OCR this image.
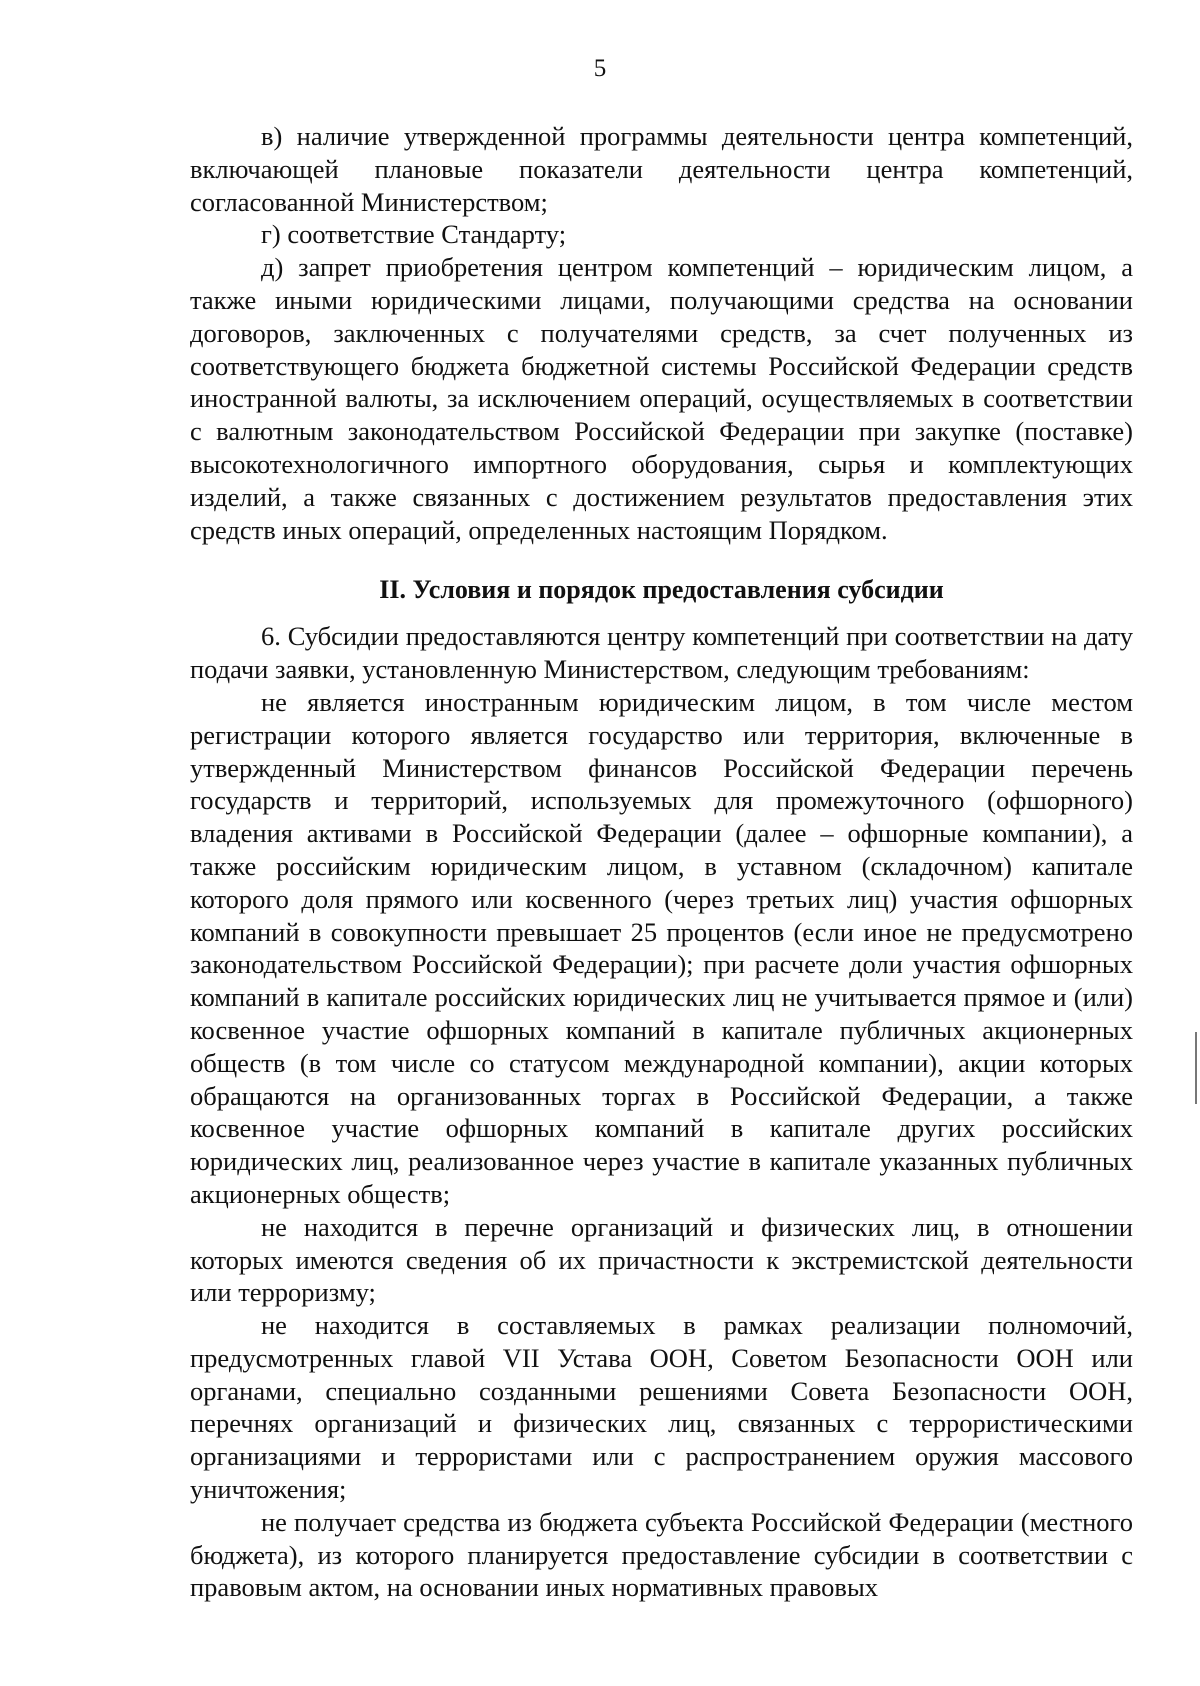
5

в) наличие утвержденной программы деятельности центра компетенций, включающей плановые показатели деятельности центра компетенций, согласованной Министерством;

г) соответствие Стандарту;

д) запрет приобретения центром компетенций – юридическим лицом, а также иными юридическими лицами, получающими средства на основании договоров, заключенных с получателями средств, за счет полученных из соответствующего бюджета бюджетной системы Российской Федерации средств иностранной валюты, за исключением операций, осуществляемых в соответствии с валютным законодательством Российской Федерации при закупке (поставке) высокотехнологичного импортного оборудования, сырья и комплектующих изделий, а также связанных с достижением результатов предоставления этих средств иных операций, определенных настоящим Порядком.

II. Условия и порядок предоставления субсидии

6. Субсидии предоставляются центру компетенций при соответствии на дату подачи заявки, установленную Министерством, следующим требованиям:

не является иностранным юридическим лицом, в том числе местом регистрации которого является государство или территория, включенные в утвержденный Министерством финансов Российской Федерации перечень государств и территорий, используемых для промежуточного (офшорного) владения активами в Российской Федерации (далее – офшорные компании), а также российским юридическим лицом, в уставном (складочном) капитале которого доля прямого или косвенного (через третьих лиц) участия офшорных компаний в совокупности превышает 25 процентов (если иное не предусмотрено законодательством Российской Федерации); при расчете доли участия офшорных компаний в капитале российских юридических лиц не учитывается прямое и (или) косвенное участие офшорных компаний в капитале публичных акционерных обществ (в том числе со статусом международной компании), акции которых обращаются на организованных торгах в Российской Федерации, а также косвенное участие офшорных компаний в капитале других российских юридических лиц, реализованное через участие в капитале указанных публичных акционерных обществ;

не находится в перечне организаций и физических лиц, в отношении которых имеются сведения об их причастности к экстремистской деятельности или терроризму;

не находится в составляемых в рамках реализации полномочий, предусмотренных главой VII Устава ООН, Советом Безопасности ООН или органами, специально созданными решениями Совета Безопасности ООН, перечнях организаций и физических лиц, связанных с террористическими организациями и террористами или с распространением оружия массового уничтожения;

не получает средства из бюджета субъекта Российской Федерации (местного бюджета), из которого планируется предоставление субсидии в соответствии с правовым актом, на основании иных нормативных правовых
